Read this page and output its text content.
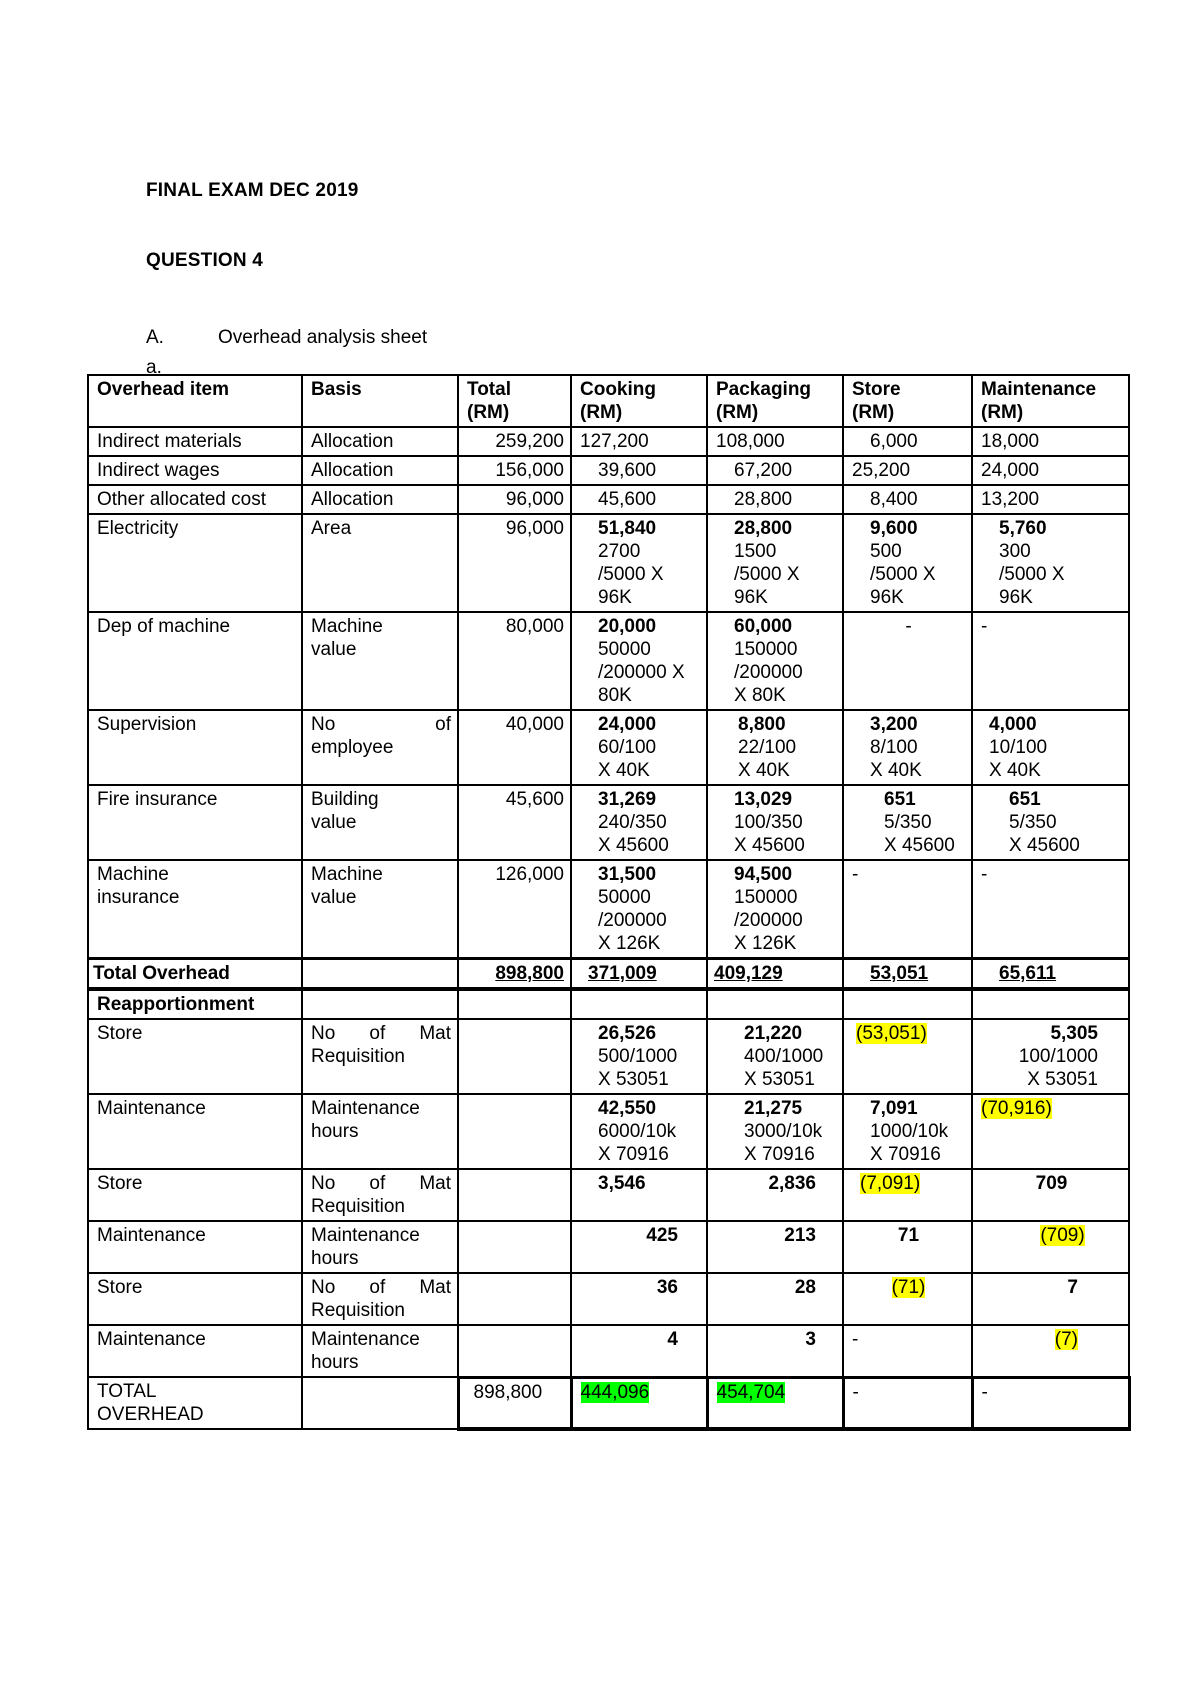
FINAL EXAM DEC 2019
QUESTION 4
A.	Overhead analysis sheet
a.
Overhead item	Basis	Total
(RM)	Cooking
(RM)	Packaging
(RM)	Store
(RM)	Maintenance
(RM)

Indirect materials	Allocation	259,200	127,200	108,000	6,000	18,000
Indirect wages	Allocation	156,000	39,600	67,200	25,200	24,000
Other allocated cost	Allocation	96,000	45,600	28,800	8,400	13,200
Electricity	Area	96,000	51,840
2700
/5000 X
96K	28,800
1500
/5000 X
96K	9,600
500
/5000 X
96K	5,760
300
/5000 X
96K

Dep of machine	Machine
value	80,000	20,000
50000
/200000 X
80K	60,000
150000
/200000
X 80K	-	-
Supervision	No of
employee	40,000	24,000
60/100
X 40K	8,800
22/100
X 40K	3,200
8/100
X 40K	4,000
10/100
X 40K

Fire insurance	Building
value	45,600	31,269
240/350
X 45600	13,029
100/350
X 45600	651
5/350
X 45600	651
5/350
X 45600

Machine
insurance	Machine
value	126,000	31,500
50000
/200000
X 126K	94,500
150000
/200000
X 126K	-	-
Total Overhead		898,800	371,009	409,129	53,051	65,611
Reapportionment						
Store	No of Mat
Requisition		26,526
500/1000
X 53051	21,220
400/1000
X 53051	(53,051)	5,305
100/1000
X 53051

Maintenance	Maintenance
hours		42,550
6000/10k
X 70916	21,275
3000/10k
X 70916	7,091
1000/10k
X 70916	(70,916)
Store	No of Mat
Requisition		3,546	2,836	(7,091)	709
Maintenance	Maintenance
hours		425	213	71	(709)
Store	No of Mat
Requisition		36	28	(71)	7
Maintenance	Maintenance
hours		4	3	-	(7)

TOTAL
OVERHEAD		898,800	444,096	454,704	-	-
